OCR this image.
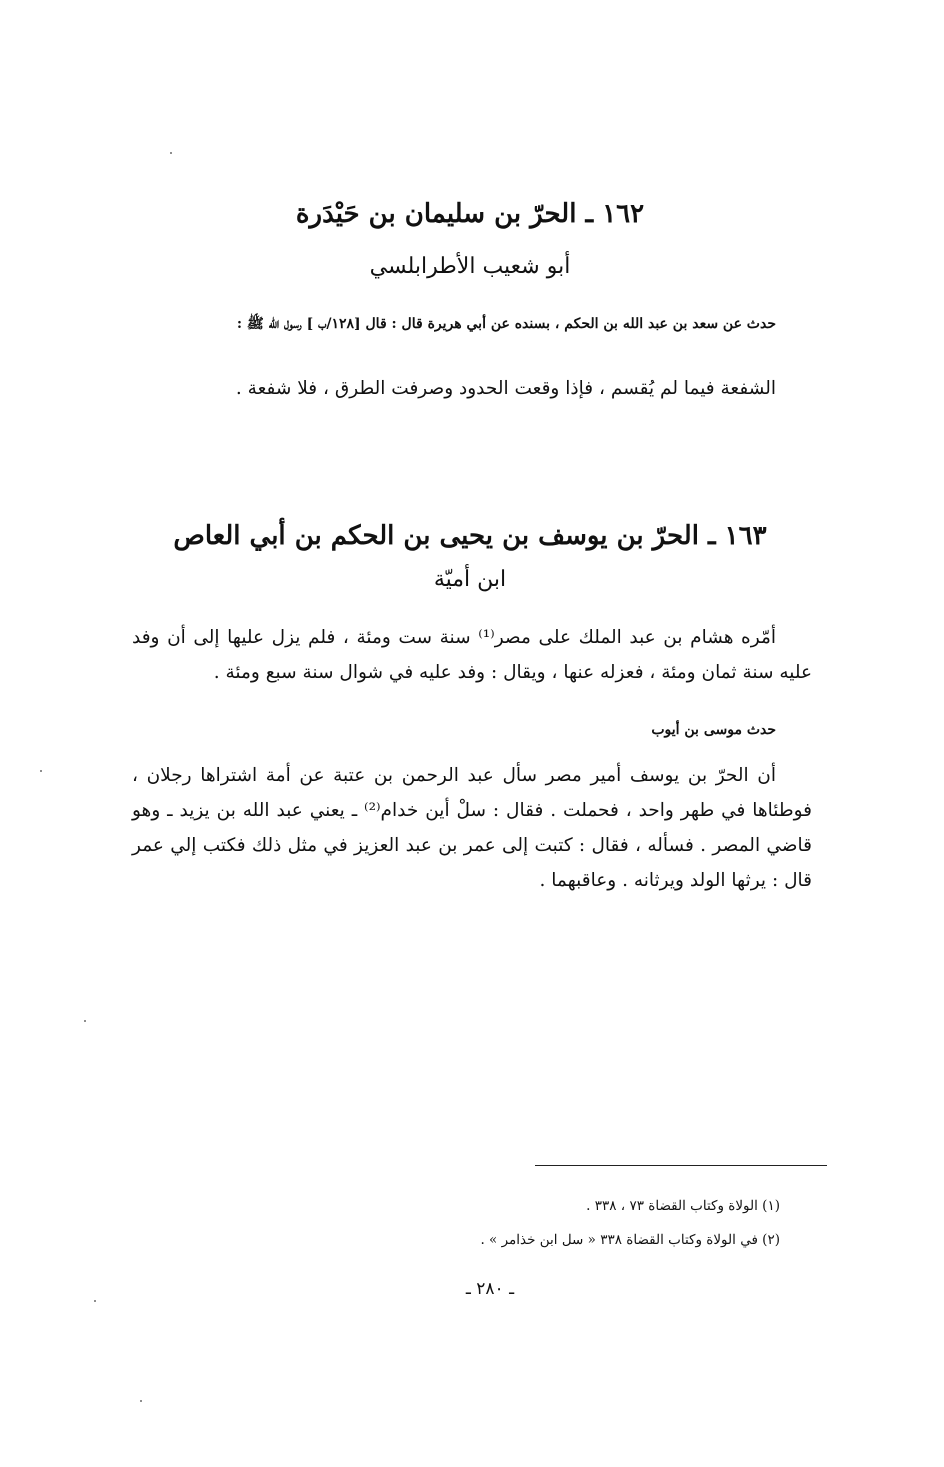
١٦٢ ـ الحرّ بن سليمان بن حَيْدَرة
أبو شعيب الأطرابلسي
حدث عن سعد بن عبد الله بن الحكم ، بسنده عن أبي هريرة قال : قال [١٢٨/ب ] رسول الله ﷺ :
الشفعة فيما لم يُقسم ، فإذا وقعت الحدود وصرفت الطرق ، فلا شفعة .
١٦٣ ـ الحرّ بن يوسف بن يحيى بن الحكم بن أبي العاص
ابن أميّة
أمّره هشام بن عبد الملك على مصر⁽¹⁾ سنة ست ومئة ، فلم يزل عليها إلى أن وفد عليه سنة ثمان ومئة ، فعزله عنها ، ويقال : وفد عليه في شوال سنة سبع ومئة .
حدث موسى بن أيوب
أن الحرّ بن يوسف أمير مصر سأل عبد الرحمن بن عتبة عن أمة اشتراها رجلان ، فوطئاها في طهر واحد ، فحملت . فقال : سلْ أين خدام⁽²⁾ ـ يعني عبد الله بن يزيد ـ وهو قاضي المصر . فسأله ، فقال : كتبت إلى عمر بن عبد العزيز في مثل ذلك فكتب إلي عمر قال : يرثها الولد ويرثانه . وعاقبهما .
(١) الولاة وكتاب القضاة ٧٣ ، ٣٣٨ .
(٢) في الولاة وكتاب القضاة ٣٣٨ « سل ابن خذامر » .
ـ ٢٨٠ ـ
